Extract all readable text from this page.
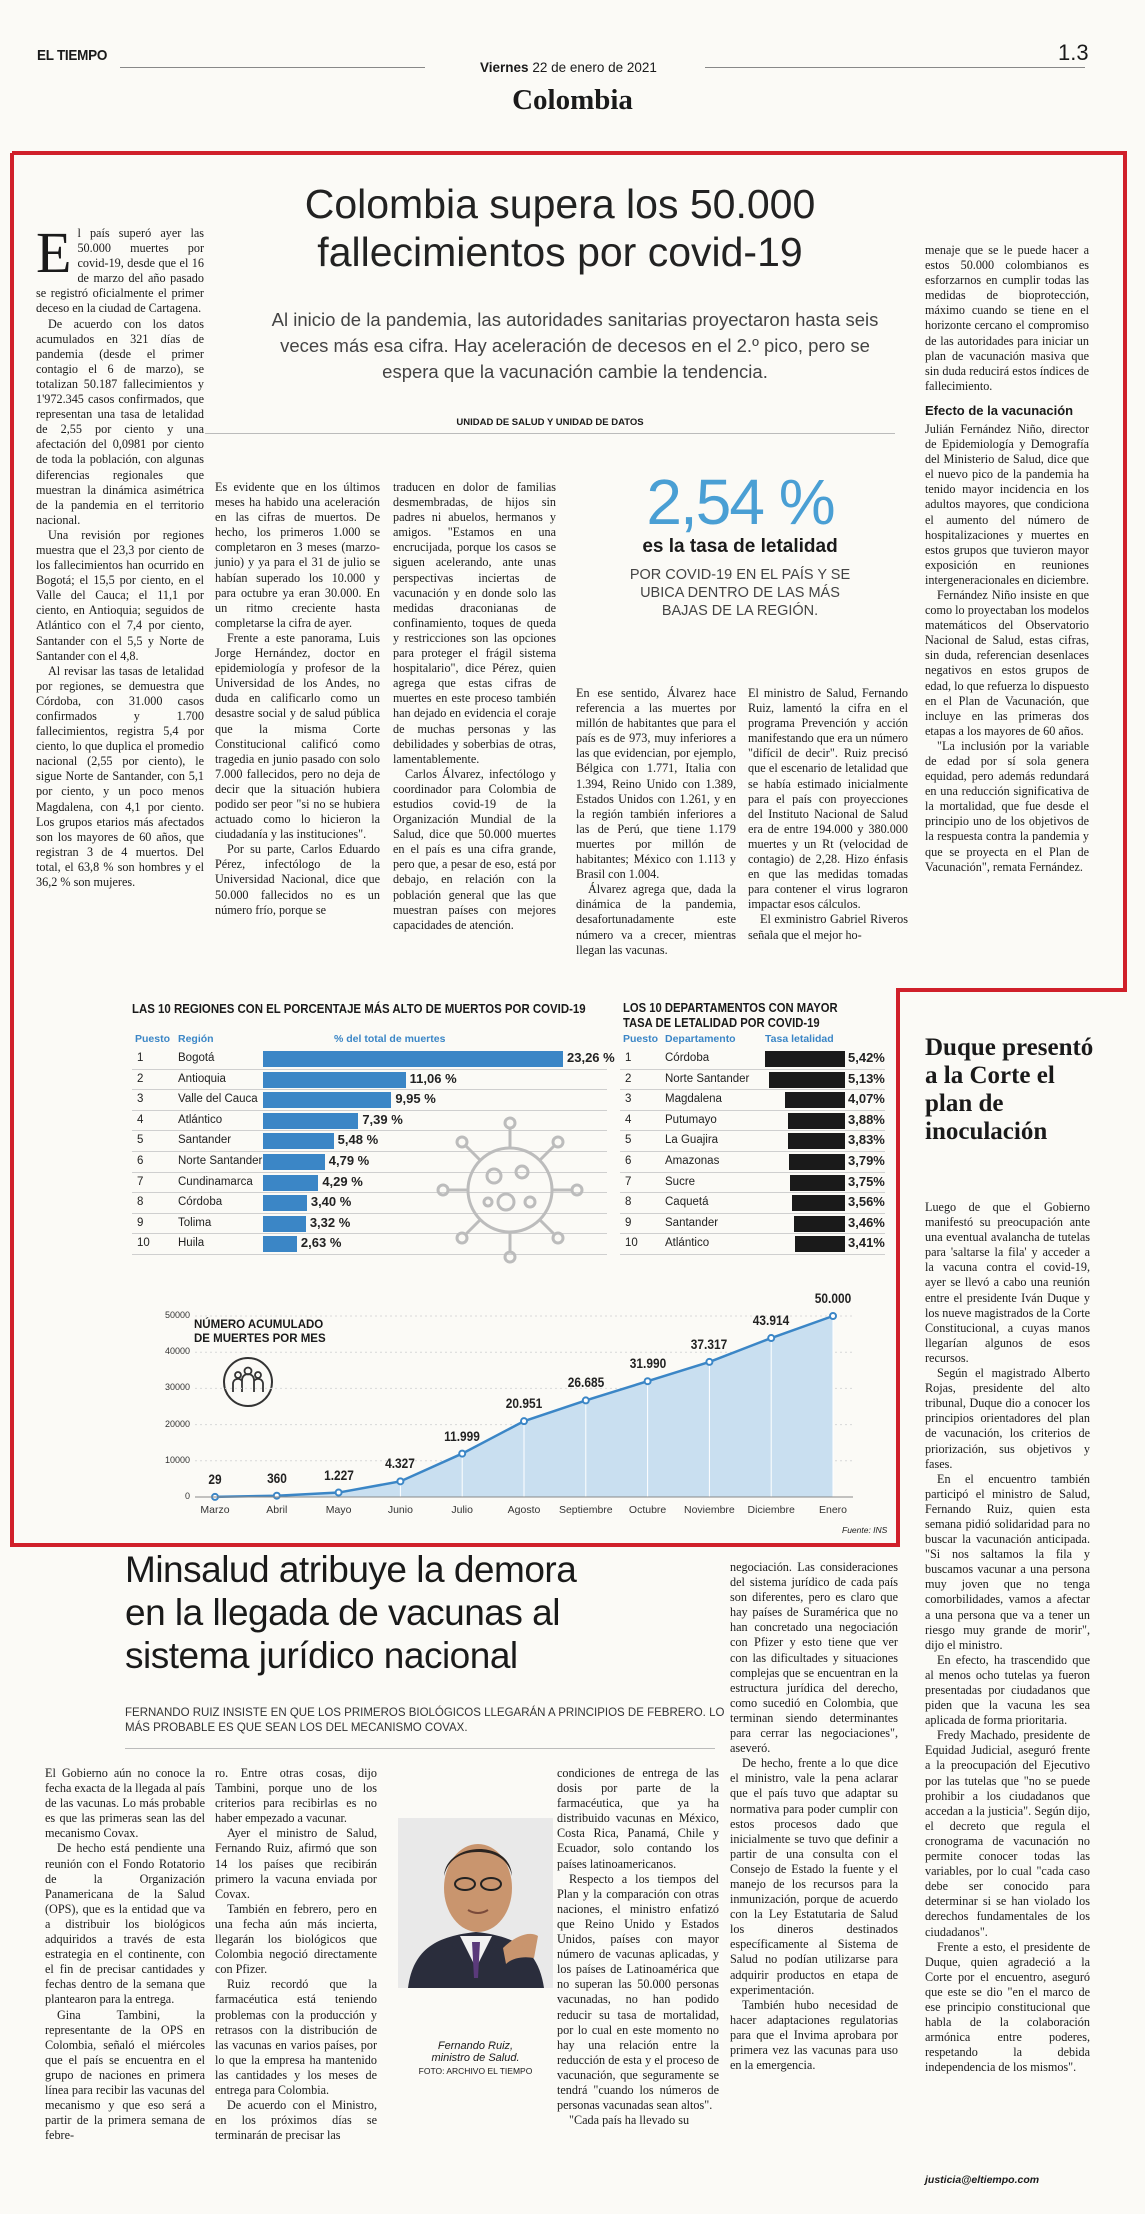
EL TIEMPO
Viernes 22 de enero de 2021
1.3
Colombia
Colombia supera los 50.000
fallecimientos por covid-19
Al inicio de la pandemia, las autoridades sanitarias proyectaron hasta seis veces más esa cifra. Hay aceleración de decesos en el 2.º pico, pero se espera que la vacunación cambie la tendencia.
UNIDAD DE SALUD Y UNIDAD DE DATOS
E l país superó ayer las 50.000 muertes por covid-19, desde que el 16 de marzo del año pasado se registró oficialmente el primer deceso en la ciudad de Cartagena.

De acuerdo con los datos acumulados en 321 días de pandemia (desde el primer contagio el 6 de marzo), se totalizan 50.187 fallecimientos y 1'972.345 casos confirmados, que representan una tasa de letalidad de 2,55 por ciento y una afectación del 0,0981 por ciento de toda la población, con algunas diferencias regionales que muestran la dinámica asimétrica de la pandemia en el territorio nacional.

Una revisión por regiones muestra que el 23,3 por ciento de los fallecimientos han ocurrido en Bogotá; el 15,5 por ciento, en el Valle del Cauca; el 11,1 por ciento, en Antioquia; seguidos de Atlántico con el 7,4 por ciento, Santander con el 5,5 y Norte de Santander con el 4,8.

Al revisar las tasas de letalidad por regiones, se demuestra que Córdoba, con 31.000 casos confirmados y 1.700 fallecimientos, registra 5,4 por ciento, lo que duplica el promedio nacional (2,55 por ciento), le sigue Norte de Santander, con 5,1 por ciento, y un poco menos Magdalena, con 4,1 por ciento. Los grupos etarios más afectados son los mayores de 60 años, que registran 3 de 4 muertos. Del total, el 63,8 % son hombres y el 36,2 % son mujeres.

Es evidente que en los últimos meses ha habido una aceleración en las cifras de muertos. De hecho, los primeros 1.000 se completaron en 3 meses (marzo-junio) y ya para el 31 de julio se habían superado los 10.000 y para octubre ya eran 30.000. En un ritmo creciente hasta completarse la cifra de ayer.

Frente a este panorama, Luis Jorge Hernández, doctor en epidemiología y profesor de la Universidad de los Andes, no duda en calificarlo como un desastre social y de salud pública que la misma Corte Constitucional calificó como tragedia en junio pasado con solo 7.000 fallecidos, pero no deja de decir que la situación hubiera podido ser peor "si no se hubiera actuado como lo hicieron la ciudadanía y las instituciones".

Por su parte, Carlos Eduardo Pérez, infectólogo de la Universidad Nacional, dice que 50.000 fallecidos no es un número frío, porque se

traducen en dolor de familias desmembradas, de hijos sin padres ni abuelos, hermanos y amigos. "Estamos en una encrucijada, porque los casos se siguen acelerando, ante unas perspectivas inciertas de vacunación y en donde solo las medidas draconianas de confinamiento, toques de queda y restricciones son las opciones para proteger el frágil sistema hospitalario", dice Pérez, quien agrega que estas cifras de muertes en este proceso también han dejado en evidencia el coraje de muchas personas y las debilidades y soberbias de otras, lamentablemente.

Carlos Álvarez, infectólogo y coordinador para Colombia de estudios covid-19 de la Organización Mundial de la Salud, dice que 50.000 muertes en el país es una cifra grande, pero que, a pesar de eso, está por debajo, en relación con la población general que las que muestran países con mejores capacidades de atención.

2,54 %
es la tasa de letalidad
POR COVID-19 EN EL PAÍS Y SE UBICA DENTRO DE LAS MÁS BAJAS DE LA REGIÓN.

En ese sentido, Álvarez hace referencia a las muertes por millón de habitantes que para el país es de 973, muy inferiores a las que evidencian, por ejemplo, Bélgica con 1.771, Italia con 1.394, Reino Unido con 1.389, Estados Unidos con 1.261, y en la región también inferiores a las de Perú, que tiene 1.179 muertes por millón de habitantes; México con 1.113 y Brasil con 1.004.

Álvarez agrega que, dada la dinámica de la pandemia, desafortunadamente este número va a crecer, mientras llegan las vacunas.

El ministro de Salud, Fernando Ruiz, lamentó la cifra en el programa Prevención y acción manifestando que era un número "difícil de decir". Ruiz precisó que el escenario de letalidad que se había estimado inicialmente para el país con proyecciones del Instituto Nacional de Salud era de entre 194.000 y 380.000 muertes y un Rt (velocidad de contagio) de 2,28. Hizo énfasis en que las medidas tomadas para contener el virus lograron impactar esos cálculos.

El exministro Gabriel Riveros señala que el mejor ho-

menaje que se le puede hacer a estos 50.000 colombianos es esforzarnos en cumplir todas las medidas de bioprotección, máximo cuando se tiene en el horizonte cercano el compromiso de las autoridades para iniciar un plan de vacunación masiva que sin duda reducirá estos índices de fallecimiento.

Efecto de la vacunación

Julián Fernández Niño, director de Epidemiología y Demografía del Ministerio de Salud, dice que el nuevo pico de la pandemia ha tenido mayor incidencia en los adultos mayores, que condiciona el aumento del número de hospitalizaciones y muertes en estos grupos que tuvieron mayor exposición en reuniones intergeneracionales en diciembre.

Fernández Niño insiste en que como lo proyectaban los modelos matemáticos del Observatorio Nacional de Salud, estas cifras, sin duda, referencian desenlaces negativos en estos grupos de edad, lo que refuerza lo dispuesto en el Plan de Vacunación, que incluye en las primeras dos etapas a los mayores de 60 años.

"La inclusión por la variable de edad por sí sola genera equidad, pero además redundará en una reducción significativa de la mortalidad, que fue desde el principio uno de los objetivos de la respuesta contra la pandemia y que se proyecta en el Plan de Vacunación", remata Fernández.

LAS 10 REGIONES CON EL PORCENTAJE MÁS ALTO DE MUERTOS POR COVID-19
Puesto Región	% del total de muertes
1	Bogotá	23,26 %
2	Antioquia	11,06 %
3	Valle del Cauca	9,95 %
4	Atlántico	7,39 %
5	Santander	5,48 %
6	Norte Santander	4,79 %
7	Cundinamarca	4,29 %
8	Córdoba	3,40 %
9	Tolima	3,32 %
10 Huila	2,63 %
LOS 10 DEPARTAMENTOS CON MAYOR
TASA DE LETALIDAD POR COVID-19
Puesto Departamento	Tasa letalidad
1	Córdoba	5,42%
2	Norte Santander	5,13%
3	Magdalena	4,07%
4	Putumayo	3,88%
5	La Guajira	3,83%
6	Amazonas	3,79%
7	Sucre	3,75%
8	Caquetá	3,56%
9	Santander	3,46%
10 Atlántico	3,41%
NÚMERO ACUMULADO
DE MUERTES POR MES
50000
40000
30000
20000
10000
0
29
Marzo
360
Abril
1.227
Mayo
4.327
Junio
11.999
Julio
20.951
Agosto
26.685
Septiembre
31.990
Octubre
37.317
Noviembre
43.914
Diciembre
50.000
Enero
Fuente: INS
Duque presentó a la Corte el plan de inoculación

Luego de que el Gobierno manifestó su preocupación ante una eventual avalancha de tutelas para 'saltarse la fila' y acceder a la vacuna contra el covid-19, ayer se llevó a cabo una reunión entre el presidente Iván Duque y los nueve magistrados de la Corte Constitucional, a cuyas manos llegarían algunos de esos recursos.

Según el magistrado Alberto Rojas, presidente del alto tribunal, Duque dio a conocer los principios orientadores del plan de vacunación, los criterios de priorización, sus objetivos y fases.

En el encuentro también participó el ministro de Salud, Fernando Ruiz, quien esta semana pidió solidaridad para no buscar la vacunación anticipada. "Si nos saltamos la fila y buscamos vacunar a una persona muy joven que no tenga comorbilidades, vamos a afectar a una persona que va a tener un riesgo muy grande de morir", dijo el ministro.

En efecto, ha trascendido que al menos ocho tutelas ya fueron presentadas por ciudadanos que piden que la vacuna les sea aplicada de forma prioritaria.

Fredy Machado, presidente de Equidad Judicial, aseguró frente a la preocupación del Ejecutivo por las tutelas que "no se puede prohibir a los ciudadanos que accedan a la justicia". Según dijo, el decreto que regula el cronograma de vacunación no permite conocer todas las variables, por lo cual "cada caso debe ser conocido para determinar si se han violado los derechos fundamentales de los ciudadanos".

Frente a esto, el presidente de Duque, quien agradeció a la Corte por el encuentro, aseguró que este se dio "en el marco de ese principio constitucional que habla de la colaboración armónica entre poderes, respetando la debida independencia de los mismos".

justicia@eltiempo.com
Minsalud atribuye la demora
en la llegada de vacunas al
sistema jurídico nacional
FERNANDO RUIZ INSISTE EN QUE LOS PRIMEROS BIOLÓGICOS LLEGARÁN A PRINCIPIOS DE FEBRERO. LO MÁS PROBABLE ES QUE SEAN LOS DEL MECANISMO COVAX.

El Gobierno aún no conoce la fecha exacta de la llegada al país de las vacunas. Lo más probable es que las primeras sean las del mecanismo Covax.

De hecho está pendiente una reunión con el Fondo Rotatorio de la Organización Panamericana de la Salud (OPS), que es la entidad que va a distribuir los biológicos adquiridos a través de esta estrategia en el continente, con el fin de precisar cantidades y fechas dentro de la semana que plantearon para la entrega.

Gina Tambini, la representante de la OPS en Colombia, señaló el miércoles que el país se encuentra en el grupo de naciones en primera línea para recibir las vacunas del mecanismo y que eso será a partir de la primera semana de febre-

ro. Entre otras cosas, dijo Tambini, porque uno de los criterios para recibirlas es no haber empezado a vacunar.

Ayer el ministro de Salud, Fernando Ruiz, afirmó que son 14 los países que recibirán primero la vacuna enviada por Covax.

También en febrero, pero en una fecha aún más incierta, llegarán los biológicos que Colombia negoció directamente con Pfizer.

Ruiz recordó que la farmacéutica está teniendo problemas con la producción y retrasos con la distribución de las vacunas en varios países, por lo que la empresa ha mantenido las cantidades y los meses de entrega para Colombia.

De acuerdo con el Ministro, en los próximos días se terminarán de precisar las

Fernando Ruiz,
ministro de Salud.
FOTO: ARCHIVO EL TIEMPO

condiciones de entrega de las dosis por parte de la farmacéutica, que ya ha distribuido vacunas en México, Costa Rica, Panamá, Chile y Ecuador, solo contando los países latinoamericanos.

Respecto a los tiempos del Plan y la comparación con otras naciones, el ministro enfatizó que Reino Unido y Estados Unidos, países con mayor número de vacunas aplicadas, y los países de Latinoamérica que no superan las 50.000 personas vacunadas, no han podido reducir su tasa de mortalidad, por lo cual en este momento no hay una relación entre la reducción de esta y el proceso de vacunación, que seguramente se tendrá "cuando los números de personas vacunadas sean altos".

"Cada país ha llevado su

negociación. Las consideraciones del sistema jurídico de cada país son diferentes, pero es claro que hay países de Suramérica que no han concretado una negociación con Pfizer y esto tiene que ver con las dificultades y situaciones complejas que se encuentran en la estructura jurídica del derecho, como sucedió en Colombia, que terminan siendo determinantes para cerrar las negociaciones", aseveró.

De hecho, frente a lo que dice el ministro, vale la pena aclarar que el país tuvo que adaptar su normativa para poder cumplir con estos procesos dado que inicialmente se tuvo que definir a partir de una consulta con el Consejo de Estado la fuente y el manejo de los recursos para la inmunización, porque de acuerdo con la Ley Estatutaria de Salud los dineros destinados específicamente al Sistema de Salud no podían utilizarse para adquirir productos en etapa de experimentación.

También hubo necesidad de hacer adaptaciones regulatorias para que el Invima aprobara por primera vez las vacunas para uso en la emergencia.
